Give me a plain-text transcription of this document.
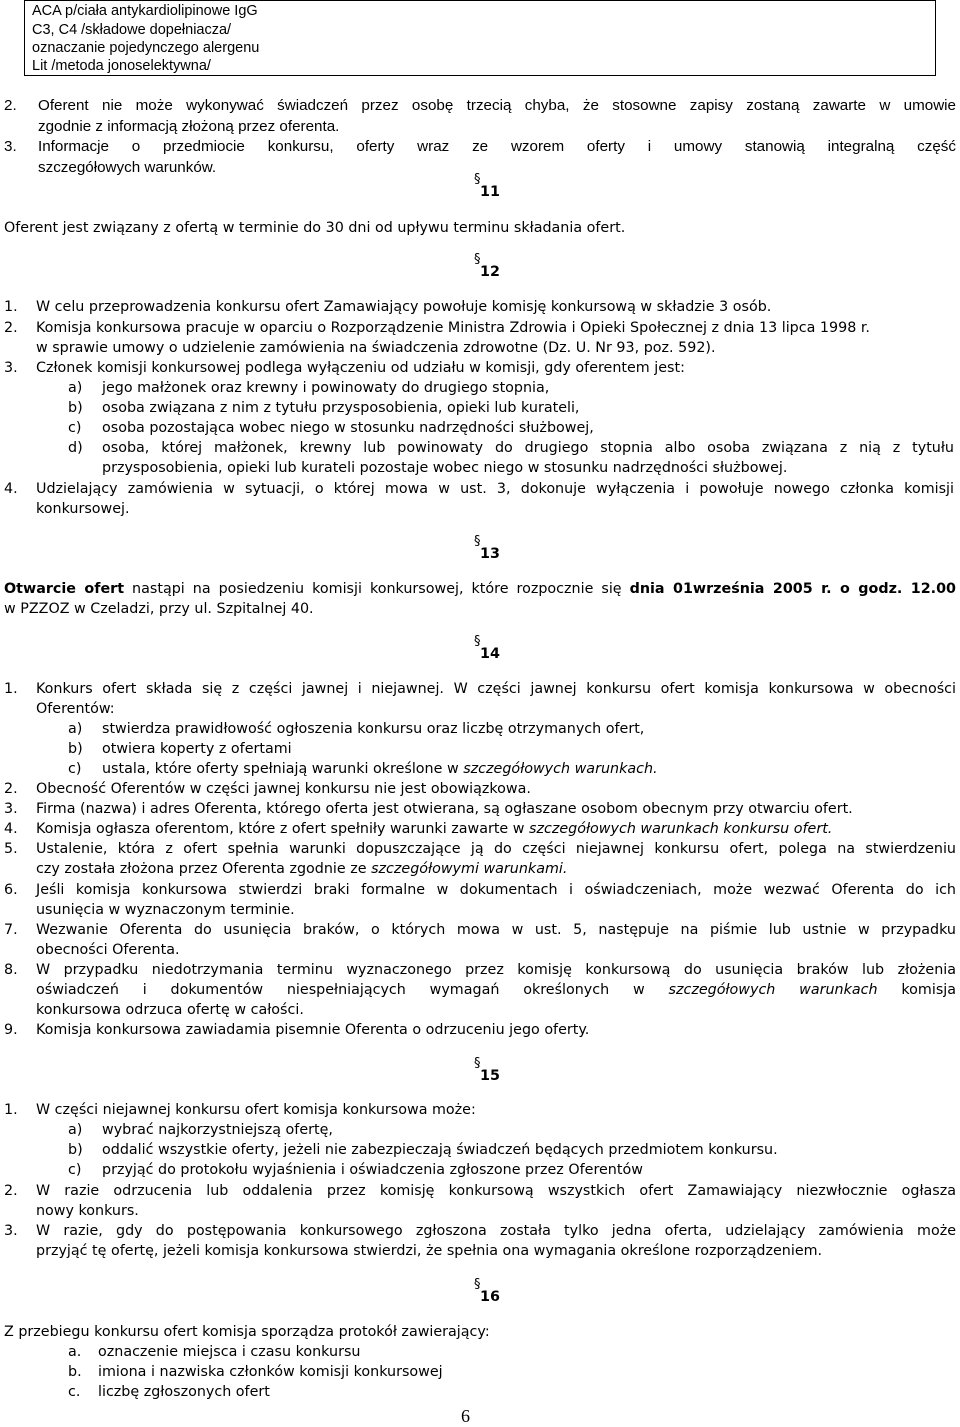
ACA p/ciała antykardiolipinowe IgG
C3, C4 /składowe dopełniacza/
oznaczanie pojedynczego alergenu
Lit /metoda jonoselektywna/
2. Oferent nie może wykonywać świadczeń przez osobę trzecią chyba, że stosowne zapisy zostaną zawarte w umowie
zgodnie z informacją złożoną przez oferenta.
3. Informacje o przedmiocie konkursu, oferty wraz ze wzorem oferty i umowy stanowią integralną część
szczegółowych warunków.
§
11
Oferent jest związany z ofertą w terminie do 30 dni od upływu terminu składania ofert.
§
12
1. W celu przeprowadzenia konkursu ofert Zamawiający powołuje komisję konkursową w składzie 3 osób.
2. Komisja konkursowa pracuje w oparciu o Rozporządzenie Ministra Zdrowia i Opieki Społecznej z dnia 13 lipca 1998 r.
w sprawie umowy o udzielenie zamówienia na świadczenia zdrowotne (Dz. U. Nr 93, poz. 592).
3. Członek komisji konkursowej podlega wyłączeniu od udziału w komisji, gdy oferentem jest:
a) jego małżonek oraz krewny i powinowaty do drugiego stopnia,
b) osoba związana z nim z tytułu przysposobienia, opieki lub kurateli,
c) osoba pozostająca wobec niego w stosunku nadrzędności służbowej,
d) osoba, której małżonek, krewny lub powinowaty do drugiego stopnia albo osoba związana z nią z tytułu
przysposobienia, opieki lub kurateli pozostaje wobec niego w stosunku nadrzędności służbowej.
4. Udzielający zamówienia w sytuacji, o której mowa w ust. 3, dokonuje wyłączenia i powołuje nowego członka komisji
konkursowej.
§
13
Otwarcie ofert nastąpi na posiedzeniu komisji konkursowej, które rozpocznie się dnia 01września 2005 r. o godz. 12.00
w PZZOZ w Czeladzi, przy ul. Szpitalnej 40.
§
14
1. Konkurs ofert składa się z części jawnej i niejawnej. W części jawnej konkursu ofert komisja konkursowa w obecności
Oferentów:
a) stwierdza prawidłowość ogłoszenia konkursu oraz liczbę otrzymanych ofert,
b) otwiera koperty z ofertami
c) ustala, które oferty spełniają warunki określone w szczegółowych warunkach.
2. Obecność Oferentów w części jawnej konkursu nie jest obowiązkowa.
3. Firma (nazwa) i adres Oferenta, którego oferta jest otwierana, są ogłaszane osobom obecnym przy otwarciu ofert.
4. Komisja ogłasza oferentom, które z ofert spełniły warunki zawarte w szczegółowych warunkach konkursu ofert.
5. Ustalenie, która z ofert spełnia warunki dopuszczające ją do części niejawnej konkursu ofert, polega na stwierdzeniu
czy została złożona przez Oferenta zgodnie ze szczegółowymi warunkami.
6. Jeśli komisja konkursowa stwierdzi braki formalne w dokumentach i oświadczeniach, może wezwać Oferenta do ich
usunięcia w wyznaczonym terminie.
7. Wezwanie Oferenta do usunięcia braków, o których mowa w ust. 5, następuje na piśmie lub ustnie w przypadku
obecności Oferenta.
8. W przypadku niedotrzymania terminu wyznaczonego przez komisję konkursową do usunięcia braków lub złożenia
oświadczeń i dokumentów niespełniających wymagań określonych w szczegółowych warunkach komisja
konkursowa odrzuca ofertę w całości.
9. Komisja konkursowa zawiadamia pisemnie Oferenta o odrzuceniu jego oferty.
§
15
1. W części niejawnej konkursu ofert komisja konkursowa może:
a) wybrać najkorzystniejszą ofertę,
b) oddalić wszystkie oferty, jeżeli nie zabezpieczają świadczeń będących przedmiotem konkursu.
c) przyjąć do protokołu wyjaśnienia i oświadczenia zgłoszone przez Oferentów
2. W razie odrzucenia lub oddalenia przez komisję konkursową wszystkich ofert Zamawiający niezwłocznie ogłasza
nowy konkurs.
3. W razie, gdy do postępowania konkursowego zgłoszona została tylko jedna oferta, udzielający zamówienia może
przyjąć tę ofertę, jeżeli komisja konkursowa stwierdzi, że spełnia ona wymagania określone rozporządzeniem.
§
16
Z przebiegu konkursu ofert komisja sporządza protokół zawierający:
a. oznaczenie miejsca i czasu konkursu
b. imiona i nazwiska członków komisji konkursowej
c. liczbę zgłoszonych ofert
6
